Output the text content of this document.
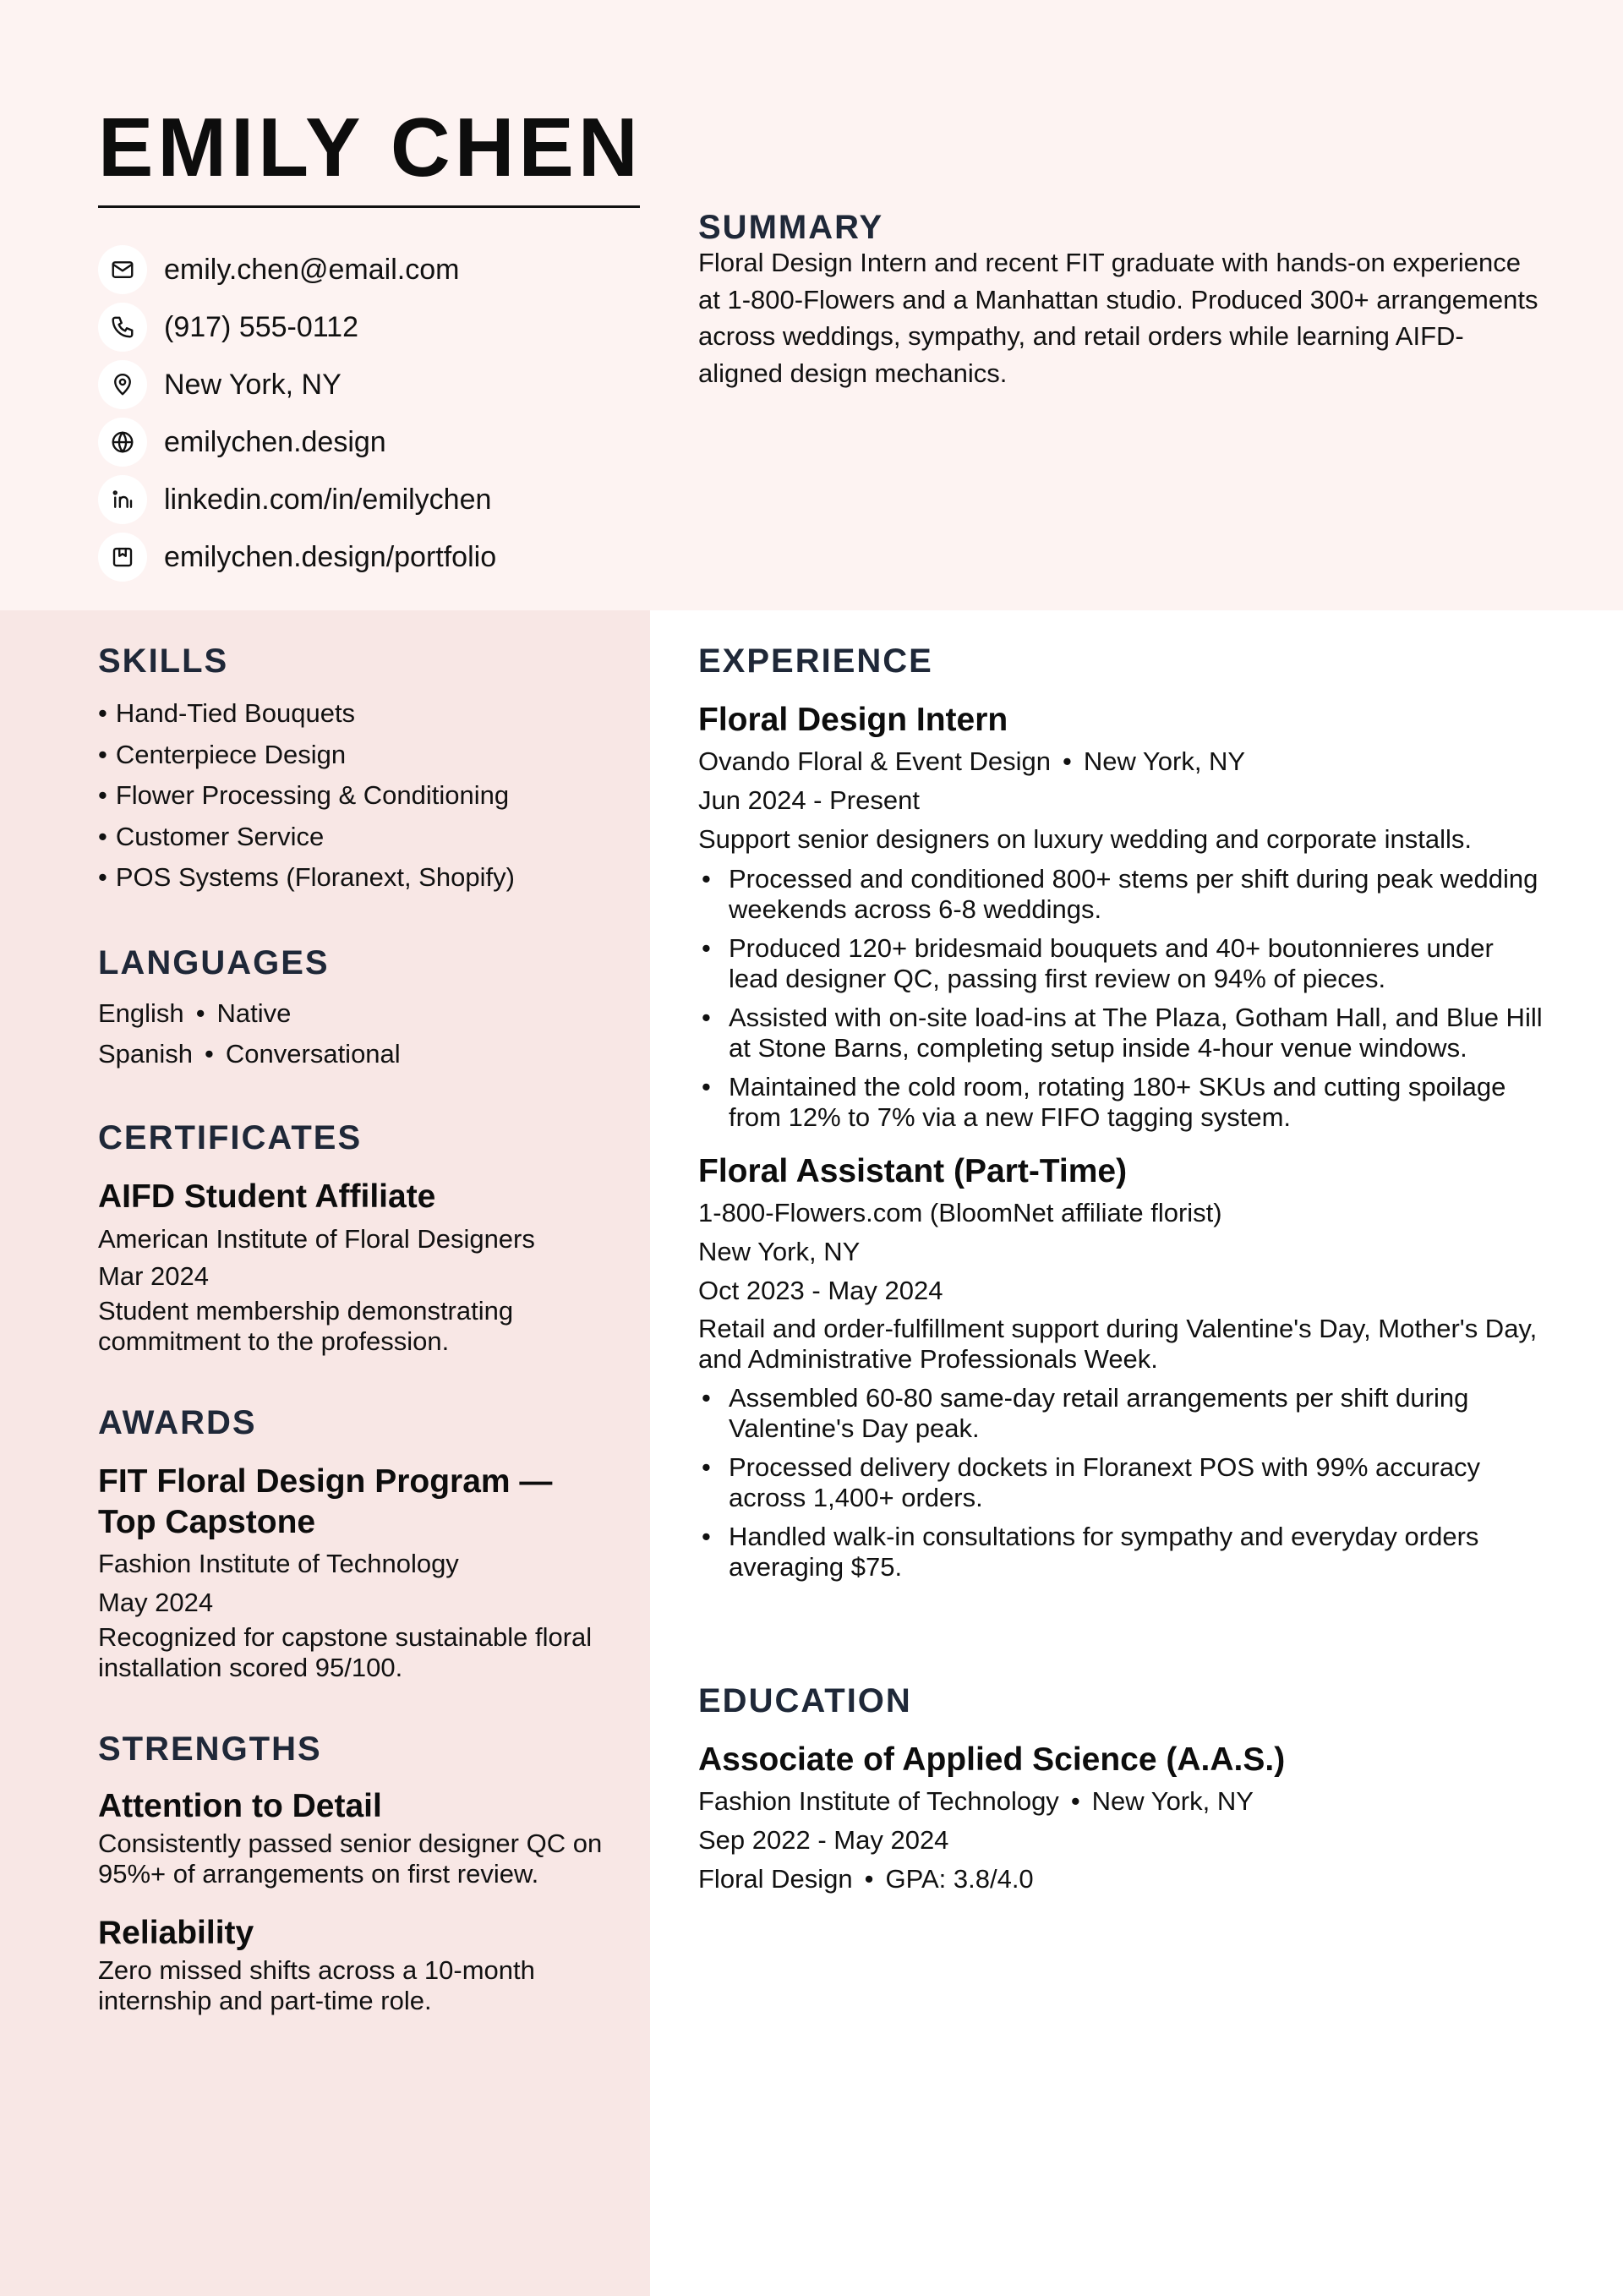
EMILY CHEN
emily.chen@email.com
(917) 555-0112
New York, NY
emilychen.design
linkedin.com/in/emilychen
emilychen.design/portfolio
SUMMARY

Floral Design Intern and recent FIT graduate with hands-on experience at 1-800-Flowers and a Manhattan studio. Produced 300+ arrangements across weddings, sympathy, and retail orders while learning AIFD-aligned design mechanics.

SKILLS
• Hand-Tied Bouquets
• Centerpiece Design
• Flower Processing & Conditioning
• Customer Service
• POS Systems (Floranext, Shopify)
LANGUAGES
English • Native
Spanish • Conversational
CERTIFICATES
AIFD Student Affiliate
American Institute of Floral Designers
Mar 2024
Student membership demonstrating commitment to the profession.
AWARDS
FIT Floral Design Program — Top Capstone
Fashion Institute of Technology
May 2024
Recognized for capstone sustainable floral installation scored 95/100.
STRENGTHS
Attention to Detail
Consistently passed senior designer QC on 95%+ of arrangements on first review.
Reliability
Zero missed shifts across a 10-month internship and part-time role.
EXPERIENCE
Floral Design Intern
Ovando Floral & Event Design • New York, NY
Jun 2024 - Present
Support senior designers on luxury wedding and corporate installs.
• Processed and conditioned 800+ stems per shift during peak wedding weekends across 6-8 weddings.
• Produced 120+ bridesmaid bouquets and 40+ boutonnieres under lead designer QC, passing first review on 94% of pieces.
• Assisted with on-site load-ins at The Plaza, Gotham Hall, and Blue Hill at Stone Barns, completing setup inside 4-hour venue windows.
• Maintained the cold room, rotating 180+ SKUs and cutting spoilage from 12% to 7% via a new FIFO tagging system.
Floral Assistant (Part-Time)
1-800-Flowers.com (BloomNet affiliate florist)
New York, NY
Oct 2023 - May 2024
Retail and order-fulfillment support during Valentine's Day, Mother's Day, and Administrative Professionals Week.
• Assembled 60-80 same-day retail arrangements per shift during Valentine's Day peak.
• Processed delivery dockets in Floranext POS with 99% accuracy across 1,400+ orders.
• Handled walk-in consultations for sympathy and everyday orders averaging $75.
EDUCATION
Associate of Applied Science (A.A.S.)
Fashion Institute of Technology • New York, NY
Sep 2022 - May 2024
Floral Design • GPA: 3.8/4.0
